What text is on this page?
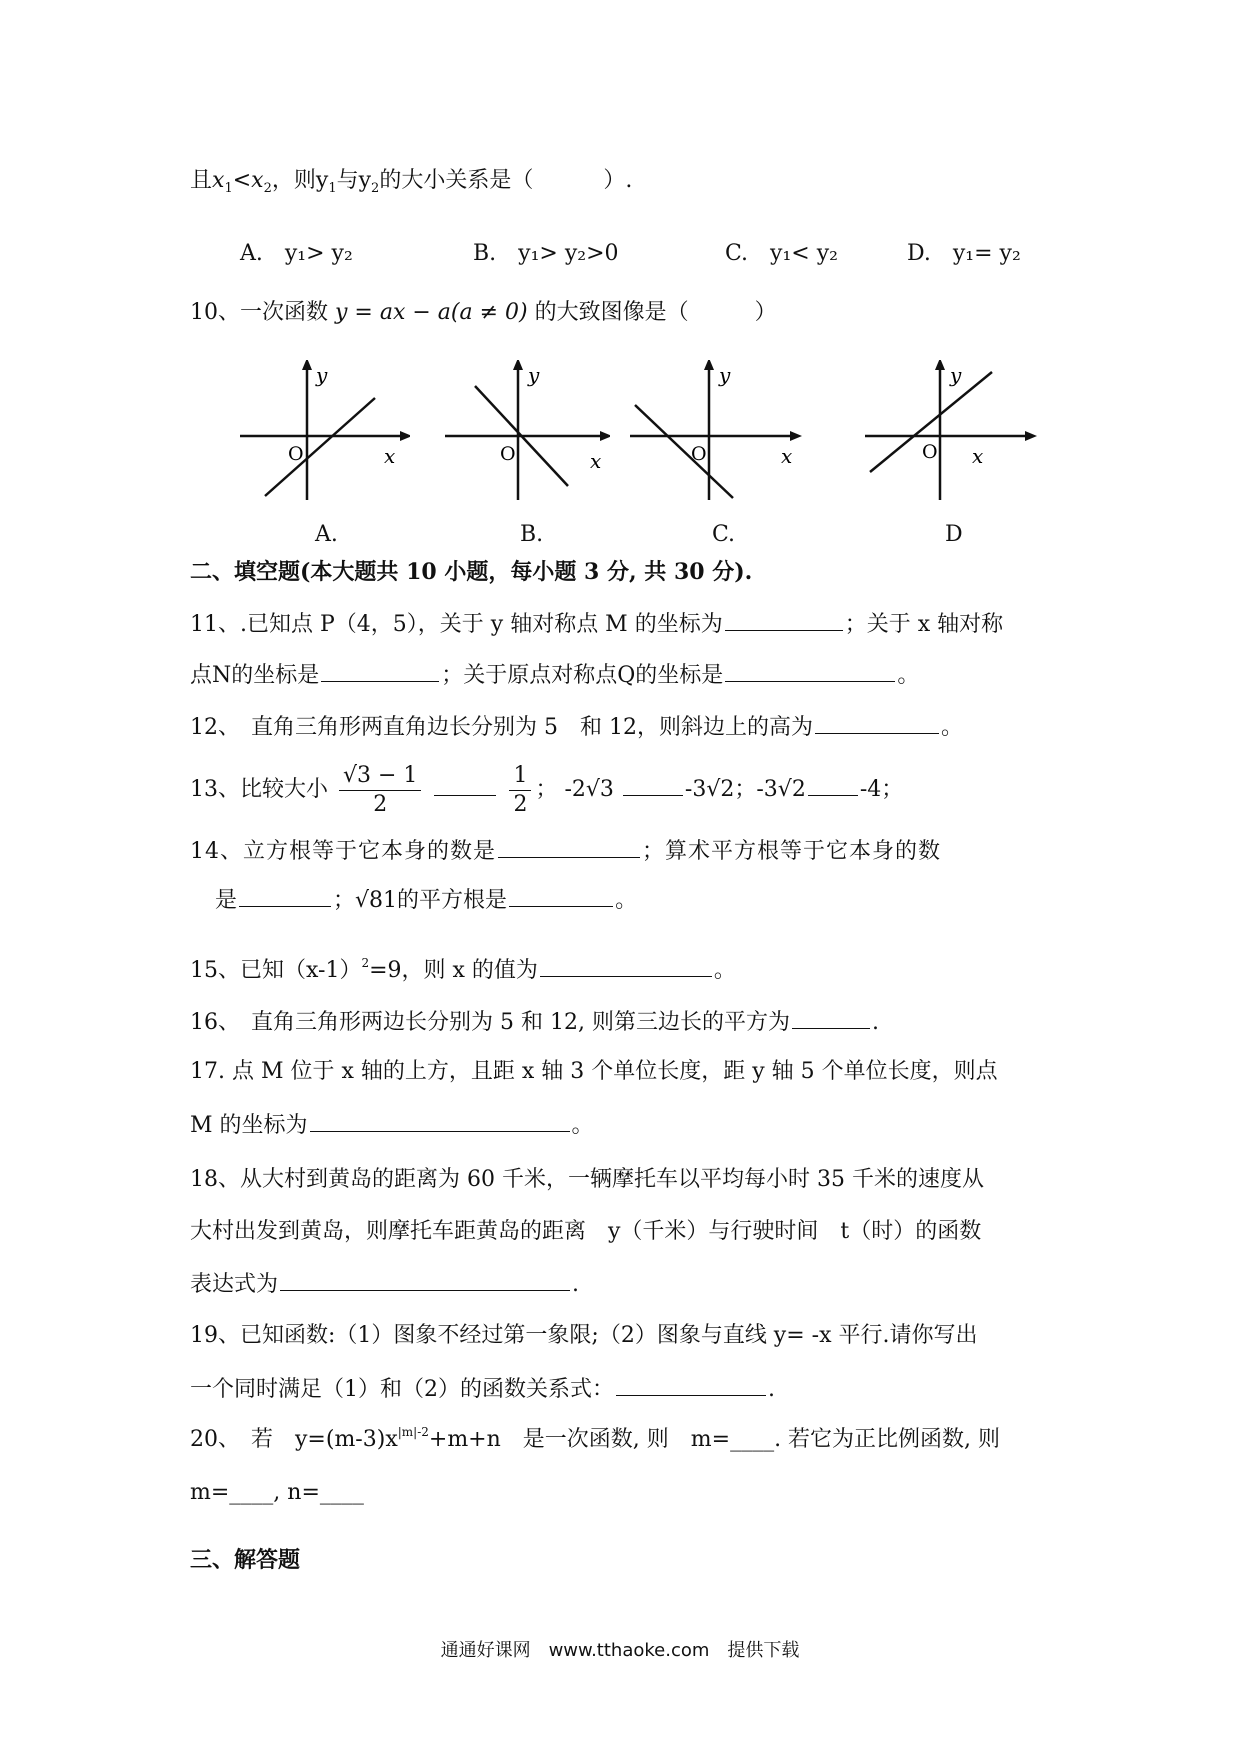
且$x_1<x_2$，则$y_1$与$y_2$的大小关系是（	）.
A.　y₁> y₂	B.　y₁> y₂>0	C.　y₁< y₂	D.　y₁= y₂
10、一次函数 y = ax − a(a ≠ 0) 的大致图像是（　　　）
y
O	x
y
O	x
y
O	x
y
O x
A.	B.	C.	D
二、填空题(本大题共 10 小题，每小题 3 分, 共 30 分).
11、.已知点 P（4，5），关于 y 轴对称点 M 的坐标为	；关于 x 轴对称
点N的坐标是	；关于原点对称点Q的坐标是	。
12、　直角三角形两直角边长分别为 5　和 12，则斜边上的高为	。
13、比较大小 $\frac{√3 - 1}{2}$
	$\frac{1}{2}$ ； -2√3	-3√2；-3√2 -4；
14、立方根等于它本身的数是	；算术平方根等于它本身的数
是	；√81的平方根是	。
15、已知$(x-1)^2=9$，则 x 的值为	。
16、　直角三角形两边长分别为 5 和 12, 则第三边长的平方为	.
17. 点 M 位于 x 轴的上方，且距 x 轴 3 个单位长度，距 y 轴 5 个单位长度，则点
M 的坐标为	。
18、从大村到黄岛的距离为 60 千米，一辆摩托车以平均每小时 35 千米的速度从
大村出发到黄岛，则摩托车距黄岛的距离　y（千米）与行驶时间　t（时）的函数
表达式为	.
19、已知函数:（1）图象不经过第一象限;（2）图象与直线 y= -x 平行.请你写出
一个同时满足（1）和（2）的函数关系式：	.
20、　若　$y=(m-3)x^{|m|-2}+m+n$　是一次函数, 则　m=____. 若它为正比例函数, 则
m=____, n=____
三、解答题
通通好课网　www.tthaoke.com　提供下载
